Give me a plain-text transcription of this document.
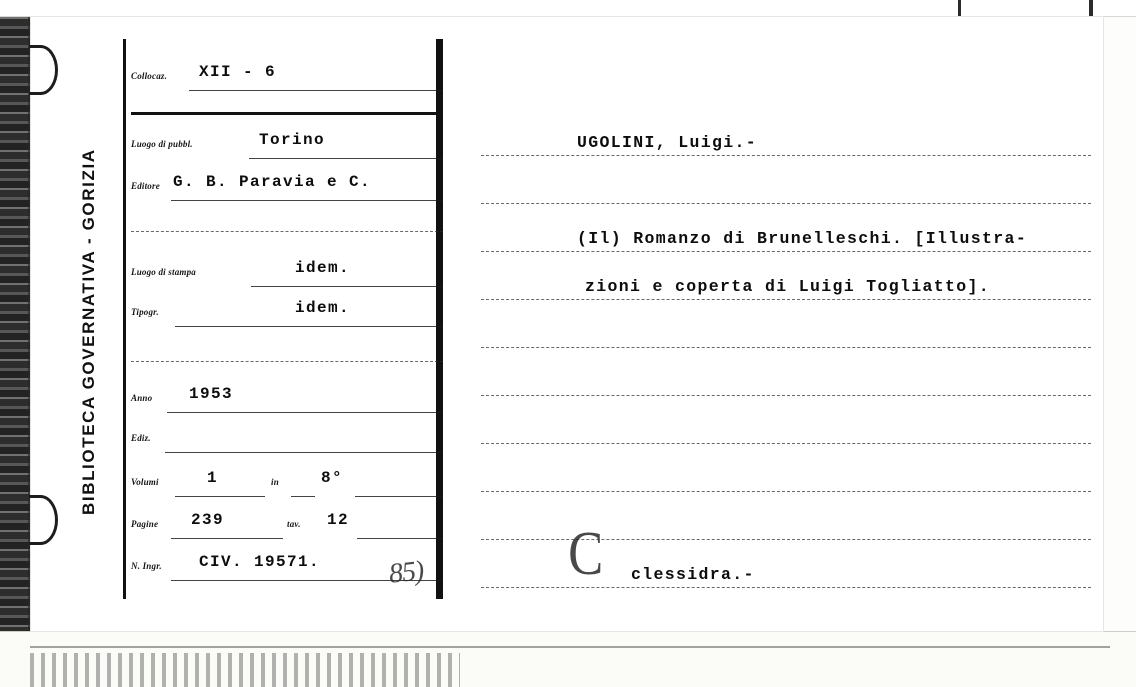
BIBLIOTECA GOVERNATIVA - GORIZIA
Collocaz. XII - 6
Luogo di pubbl.	Torino
Editore G. B. Paravia e C.
Luogo di stampa	idem.
Tipogr.	idem.
Anno 1953
Ediz.
Volumi	1	in	8°
Pagine 239	tav. 12
N. Ingr. CIV. 19571. 85)
UGOLINI, Luigi.-
(Il) Romanzo di Brunelleschi. [Illustra-
zioni e coperta di Luigi Togliatto].
C clessidra.-
